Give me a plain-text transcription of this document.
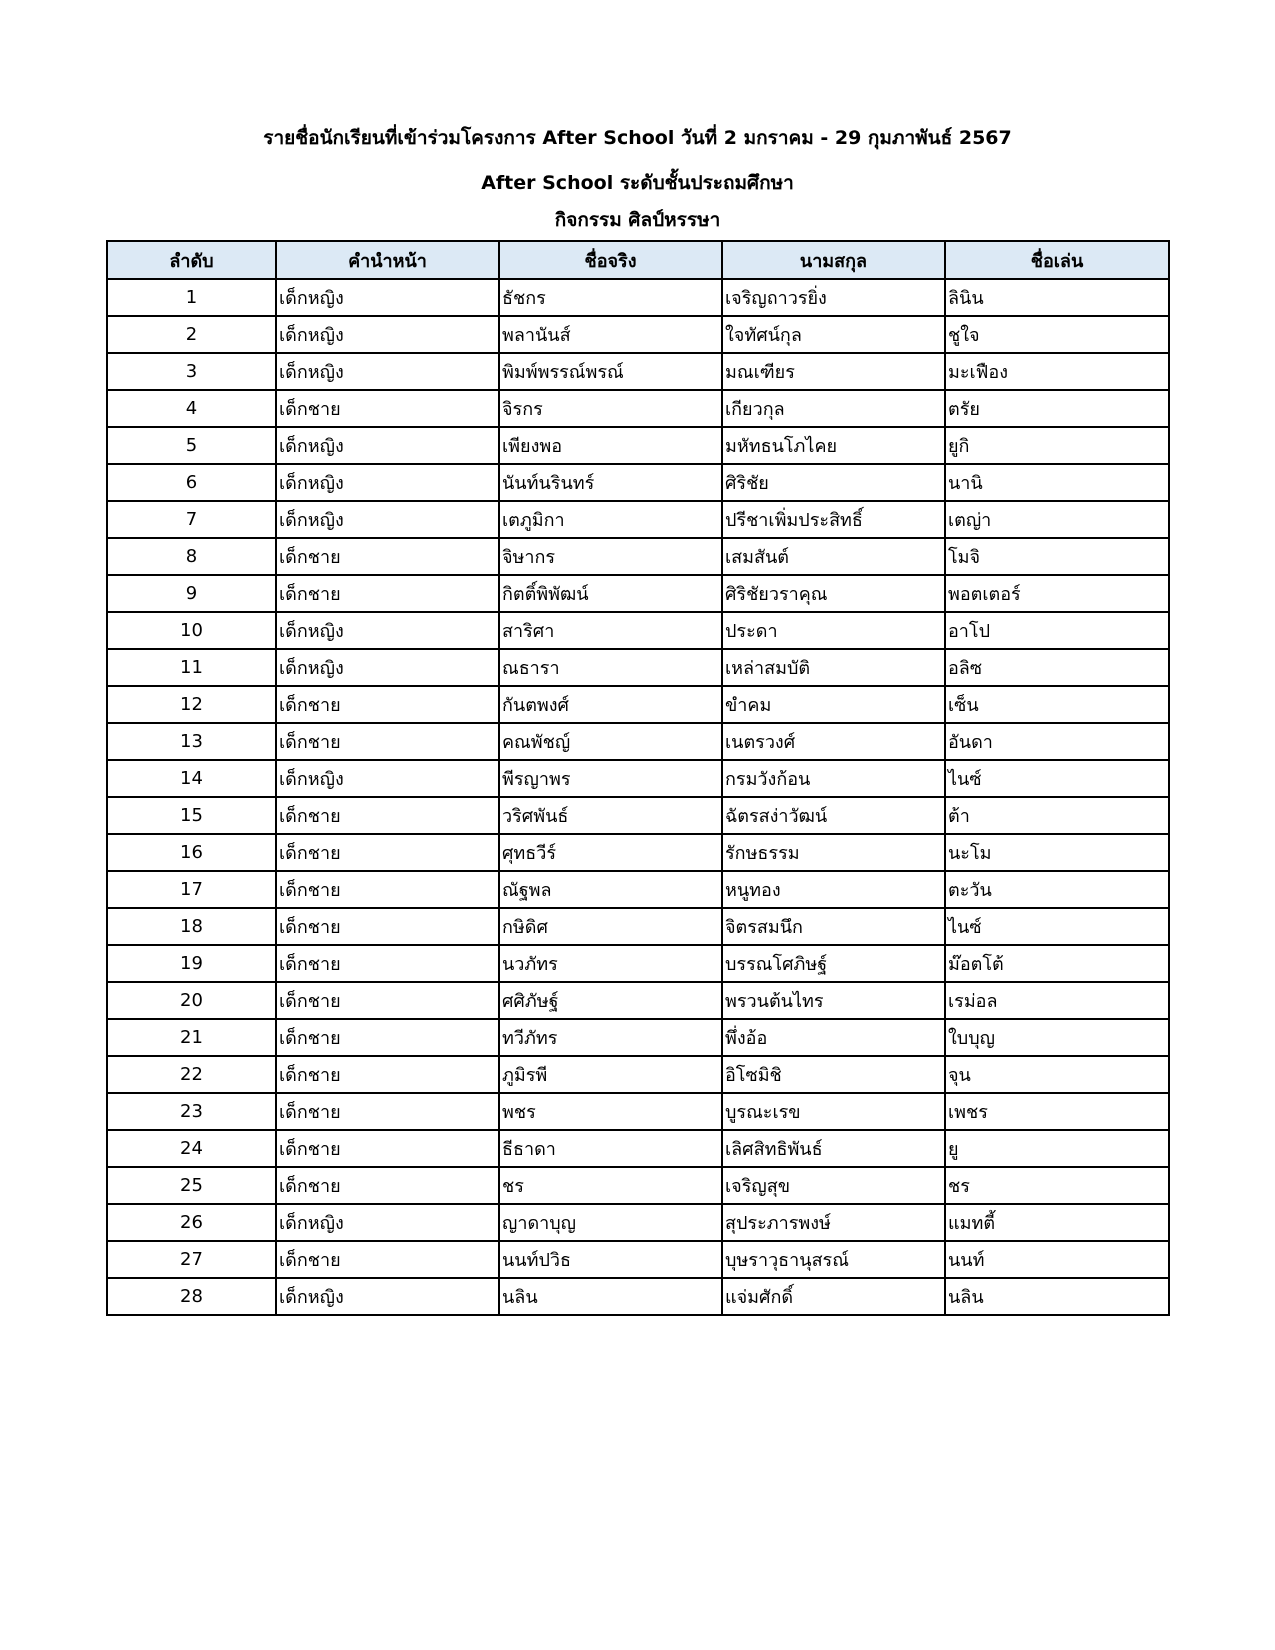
รายชื่อนักเรียนที่เข้าร่วมโครงการ After School วันที่ 2 มกราคม - 29 กุมภาพันธ์ 2567
After School ระดับชั้นประถมศึกษา
กิจกรรม ศิลป์หรรษา
ลำดับ	คำนำหน้า	ชื่อจริง	นามสกุล	ชื่อเล่น
1	เด็กหญิง	ธัชกร	เจริญถาวรยิ่ง	ลินิน
2	เด็กหญิง	พลานันส์	ใจทัศน์กุล	ชูใจ
3	เด็กหญิง	พิมพ์พรรณ์พรณ์	มณเฑียร	มะเฟือง
4	เด็กชาย	จิรกร	เกียวกุล	ตรัย
5	เด็กหญิง	เพียงพอ	มหัทธนโภไคย	ยูกิ
6	เด็กหญิง	นันท์นรินทร์	ศิริชัย	นานิ
7	เด็กหญิง	เตภูมิกา	ปรีชาเพิ่มประสิทธิ์	เตญ่า
8	เด็กชาย	จิษากร	เสมสันต์	โมจิ
9	เด็กชาย	กิตติ์พิพัฒน์	ศิริชัยวราคุณ	พอตเตอร์
10	เด็กหญิง	สาริศา	ประดา	อาโป
11	เด็กหญิง	ณธารา	เหล่าสมบัติ	อลิซ
12	เด็กชาย	กันตพงศ์	ขำคม	เซ็น
13	เด็กชาย	คณพัชญ์	เนตรวงศ์	อันดา
14	เด็กหญิง	พีรญาพร	กรมวังก้อน	ไนซ์
15	เด็กชาย	วริศพันธ์	ฉัตรสง่าวัฒน์	ต้า
16	เด็กชาย	ศุทธวีร์	รักษธรรม	นะโม
17	เด็กชาย	ณัฐพล	หนูทอง	ตะวัน
18	เด็กชาย	กษิดิศ	จิตรสมนึก	ไนซ์
19	เด็กชาย	นวภัทร	บรรณโศภิษฐ์	ม๊อตโต้
20	เด็กชาย	ศศิภัษฐ์	พรวนต้นไทร	เรม่อล
21	เด็กชาย	ทวีภัทร	พึ่งอ้อ	ใบบุญ
22	เด็กชาย	ภูมิรพี	อิโซมิชิ	จุน
23	เด็กชาย	พชร	บูรณะเรข	เพชร
24	เด็กชาย	ธีธาดา	เลิศสิทธิพันธ์	ยู
25	เด็กชาย	ชร	เจริญสุข	ชร
26	เด็กหญิง	ญาดาบุญ	สุประภารพงษ์	แมทตี้
27	เด็กชาย	นนท์ปวิธ	บุษราวุธานุสรณ์	นนท์
28	เด็กหญิง	นลิน	แจ่มศักดิ์	นลิน
